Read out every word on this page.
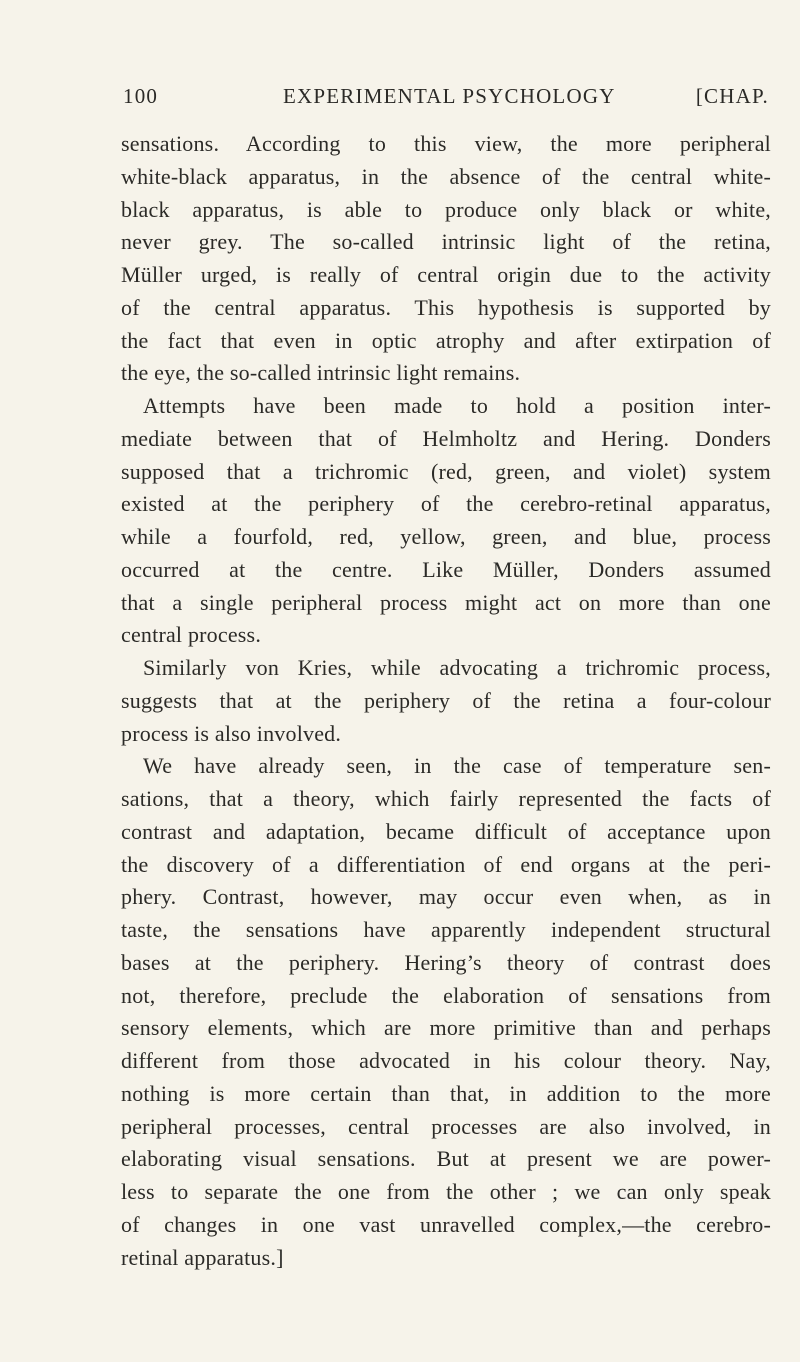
100	EXPERIMENTAL PSYCHOLOGY	[CHAP.
sensations. According to this view, the more peripheral
white-black apparatus, in the absence of the central white-
black apparatus, is able to produce only black or white,
never grey. The so-called intrinsic light of the retina,
Müller urged, is really of central origin due to the activity
of the central apparatus. This hypothesis is supported by
the fact that even in optic atrophy and after extirpation of
the eye, the so-called intrinsic light remains.
Attempts have been made to hold a position inter-
mediate between that of Helmholtz and Hering. Donders
supposed that a trichromic (red, green, and violet) system
existed at the periphery of the cerebro-retinal apparatus,
while a fourfold, red, yellow, green, and blue, process
occurred at the centre. Like Müller, Donders assumed
that a single peripheral process might act on more than one
central process.
Similarly von Kries, while advocating a trichromic process,
suggests that at the periphery of the retina a four-colour
process is also involved.
We have already seen, in the case of temperature sen-
sations, that a theory, which fairly represented the facts of
contrast and adaptation, became difficult of acceptance upon
the discovery of a differentiation of end organs at the peri-
phery. Contrast, however, may occur even when, as in
taste, the sensations have apparently independent structural
bases at the periphery. Hering’s theory of contrast does
not, therefore, preclude the elaboration of sensations from
sensory elements, which are more primitive than and perhaps
different from those advocated in his colour theory. Nay,
nothing is more certain than that, in addition to the more
peripheral processes, central processes are also involved, in
elaborating visual sensations. But at present we are power-
less to separate the one from the other ; we can only speak
of changes in one vast unravelled complex,—the cerebro-
retinal apparatus.]
